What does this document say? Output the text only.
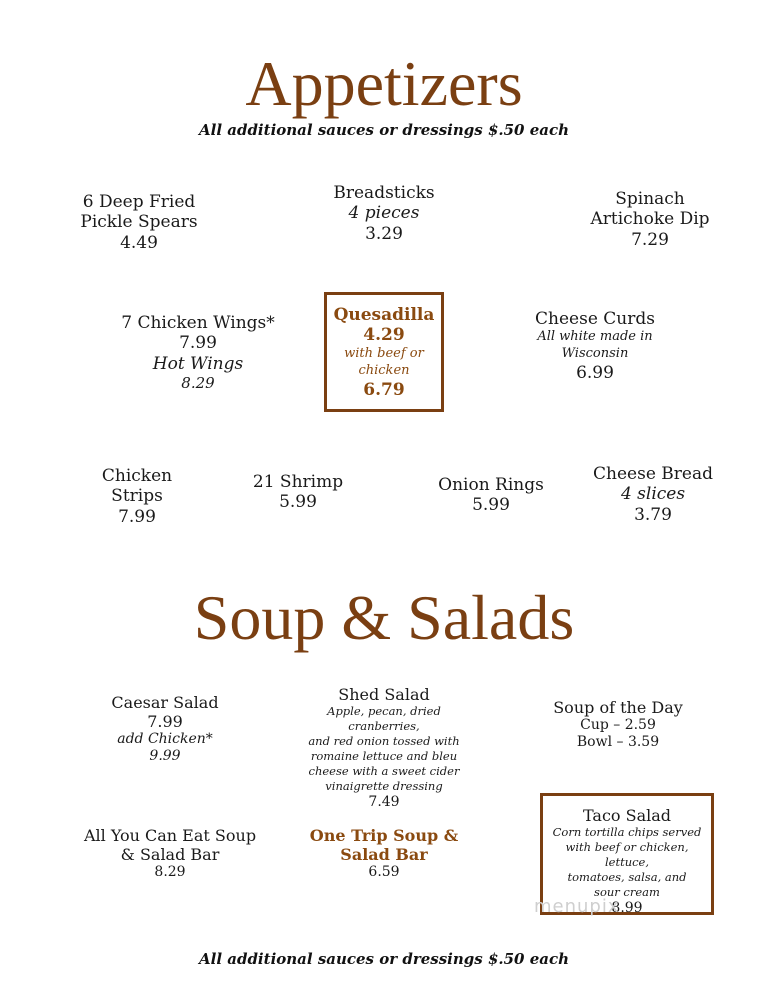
Appetizers
All additional sauces or dressings $.50 each
6 Deep Fried
Pickle Spears
4.49
Breadsticks
4 pieces
3.29
Spinach
Artichoke Dip
7.29
7 Chicken Wings*
7.99
Hot Wings
8.29
Quesadilla
4.29
with beef or
chicken
6.79
Cheese Curds
All white made in
Wisconsin
6.99
Chicken
Strips
7.99
21 Shrimp
5.99
Onion Rings
5.99
Cheese Bread
4 slices
3.79
Soup & Salads
Caesar Salad
7.99
add Chicken*
9.99
Shed Salad
Apple, pecan, dried cranberries,
and red onion tossed with
romaine lettuce and bleu
cheese with a sweet cider
vinaigrette dressing
7.49
Soup of the Day
Cup – 2.59
Bowl – 3.59
All You Can Eat Soup
& Salad Bar
8.29
One Trip Soup &
Salad Bar
6.59
Taco Salad
Corn tortilla chips served
with beef or chicken, lettuce,
tomatoes, salsa, and
sour cream
8.99
menupix
All additional sauces or dressings $.50 each
